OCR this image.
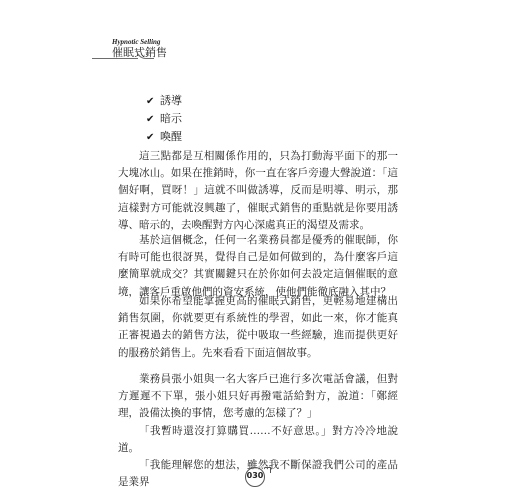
Hypnotic Selling
催眠式銷售
✔ 誘導
✔ 暗示
✔ 喚醒

這三點都是互相關係作用的，只為打動海平面下的那一大塊冰山。如果在推銷時，你一直在客戶旁邊大聲說道：「這個好啊，買呀！」這就不叫做誘導，反而是明導、明示，那這樣對方可能就沒興趣了，催眠式銷售的重點就是你要用誘導、暗示的，去喚醒對方內心深處真正的渴望及需求。

基於這個概念，任何一名業務員都是優秀的催眠師，你有時可能也很訝異，覺得自己是如何做到的，為什麼客戶這麼簡單就成交？其實關鍵只在於你如何去設定這個催眠的意境，讓客戶重啟他們的資安系統，使他們能徹底融入其中？

如果你希望能掌握更高的催眠式銷售，更輕易地建構出銷售氛圍，你就要更有系統性的學習，如此一來，你才能真正審視過去的銷售方法，從中吸取一些經驗，進而提供更好的服務於銷售上。先來看看下面這個故事。

業務員張小姐與一名大客戶已進行多次電話會議，但對方遲遲不下單，張小姐只好再撥電話給對方，說道：「鄭經理，設備汰換的事情，您考慮的怎樣了？」

「我暫時還沒打算購買……不好意思。」對方冷冷地說道。

「我能理解您的想法，雖然我不斷保證我們公司的產品是業界

030
